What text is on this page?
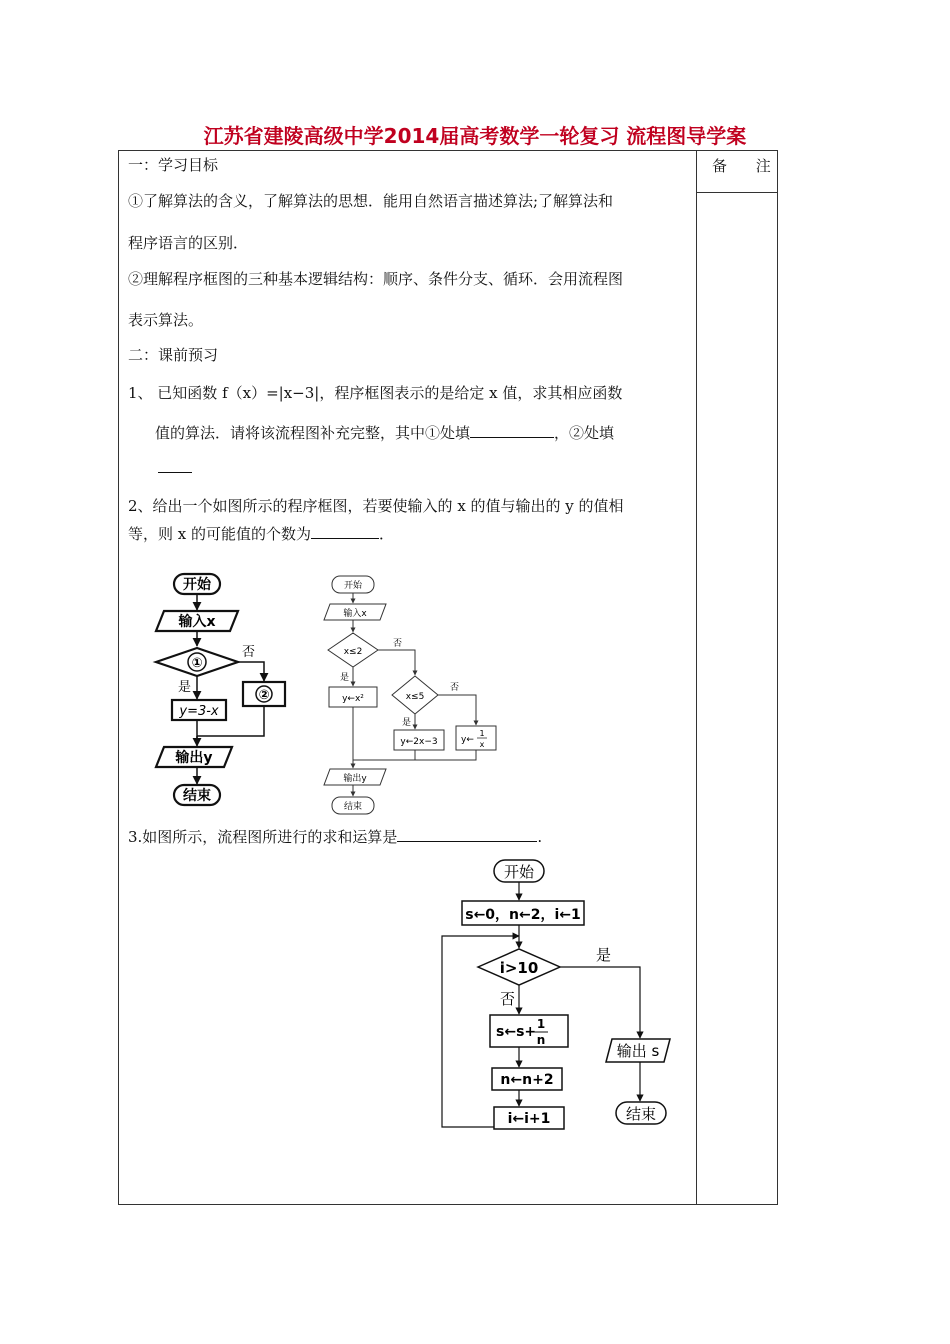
江苏省建陵高级中学2014届高考数学一轮复习 流程图导学案
备 注
一：学习目标
①了解算法的含义，了解算法的思想．能用自然语言描述算法;了解算法和
程序语言的区别．
②理解程序框图的三种基本逻辑结构：顺序、条件分支、循环．会用流程图
表示算法。
二：课前预习
1、 已知函数 f（x）=|x−3|，程序框图表示的是给定 x 值，求其相应函数
值的算法．请将该流程图补充完整，其中①处填	，②处填
2、给出一个如图所示的程序框图，若要使输入的 x 的值与输出的 y 的值相
等，则 x 的可能值的个数为	．
3.如图所示，流程图所进行的求和运算是	.
开始
输入x
①
否
是
②
y=3-x
输出y
结束
开始
输入x
x≤2
否
是
y←x²	x≤5
否
是
y←2x−3	y←
1
x
输出y
结束
开始
s←0，n←2，i←1
i>10
是
否
s←s+ 1
n
n←n+2
i←i+1
输出 s
结束
